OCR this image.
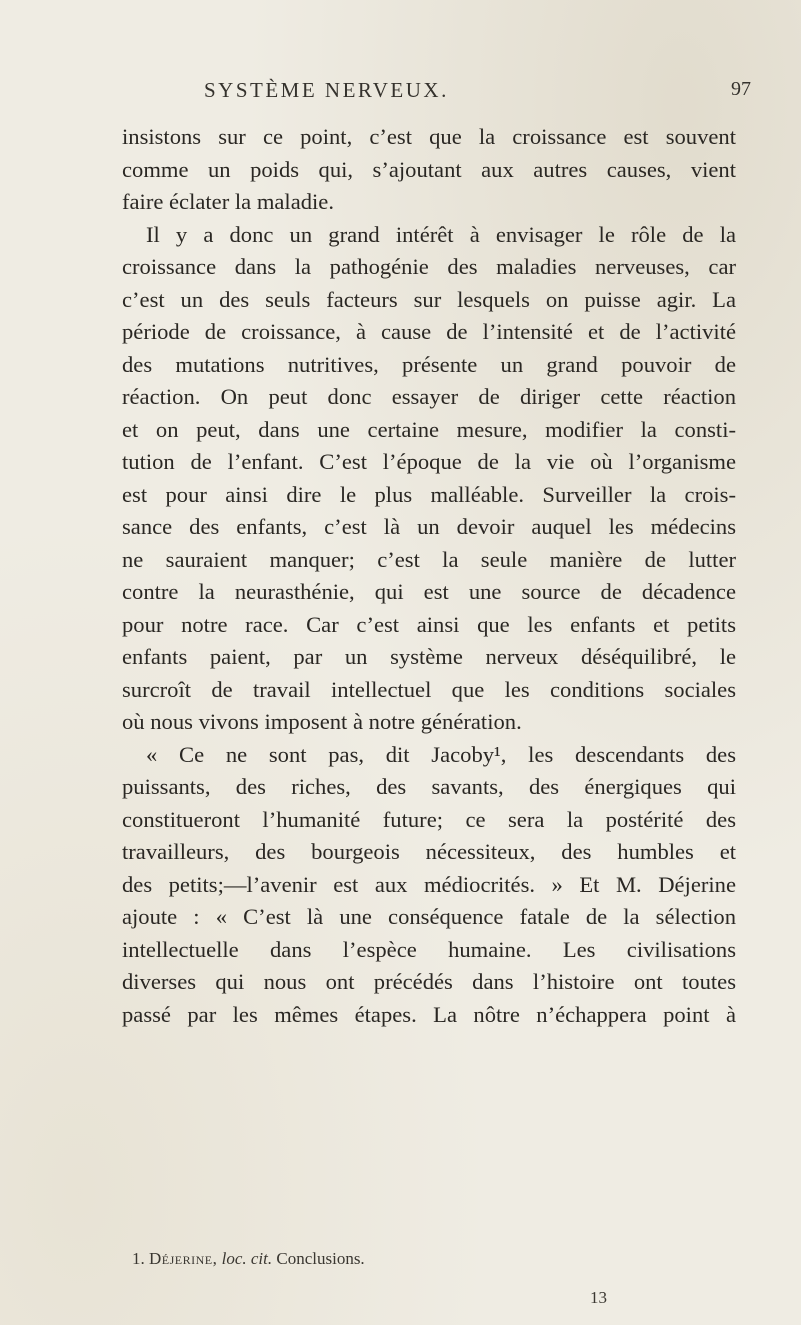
SYSTÈME NERVEUX.	97
insistons sur ce point, c’est que la croissance est souvent
comme un poids qui, s’ajoutant aux autres causes, vient
faire éclater la maladie.
Il y a donc un grand intérêt à envisager le rôle de la
croissance dans la pathogénie des maladies nerveuses, car
c’est un des seuls facteurs sur lesquels on puisse agir. La
période de croissance, à cause de l’intensité et de l’activité
des mutations nutritives, présente un grand pouvoir de
réaction. On peut donc essayer de diriger cette réaction
et on peut, dans une certaine mesure, modifier la consti-
tution de l’enfant. C’est l’époque de la vie où l’organisme
est pour ainsi dire le plus malléable. Surveiller la crois-
sance des enfants, c’est là un devoir auquel les médecins
ne sauraient manquer; c’est la seule manière de lutter
contre la neurasthénie, qui est une source de décadence
pour notre race. Car c’est ainsi que les enfants et petits
enfants paient, par un système nerveux déséquilibré, le
surcroît de travail intellectuel que les conditions sociales
où nous vivons imposent à notre génération.
« Ce ne sont pas, dit Jacoby¹, les descendants des
puissants, des riches, des savants, des énergiques qui
constitueront l’humanité future; ce sera la postérité des
travailleurs, des bourgeois nécessiteux, des humbles et
des petits;—l’avenir est aux médiocrités. » Et M. Déjerine
ajoute : « C’est là une conséquence fatale de la sélection
intellectuelle dans l’espèce humaine. Les civilisations
diverses qui nous ont précédés dans l’histoire ont toutes
passé par les mêmes étapes. La nôtre n’échappera point à
1. Déjerine, loc. cit. Conclusions.
13
